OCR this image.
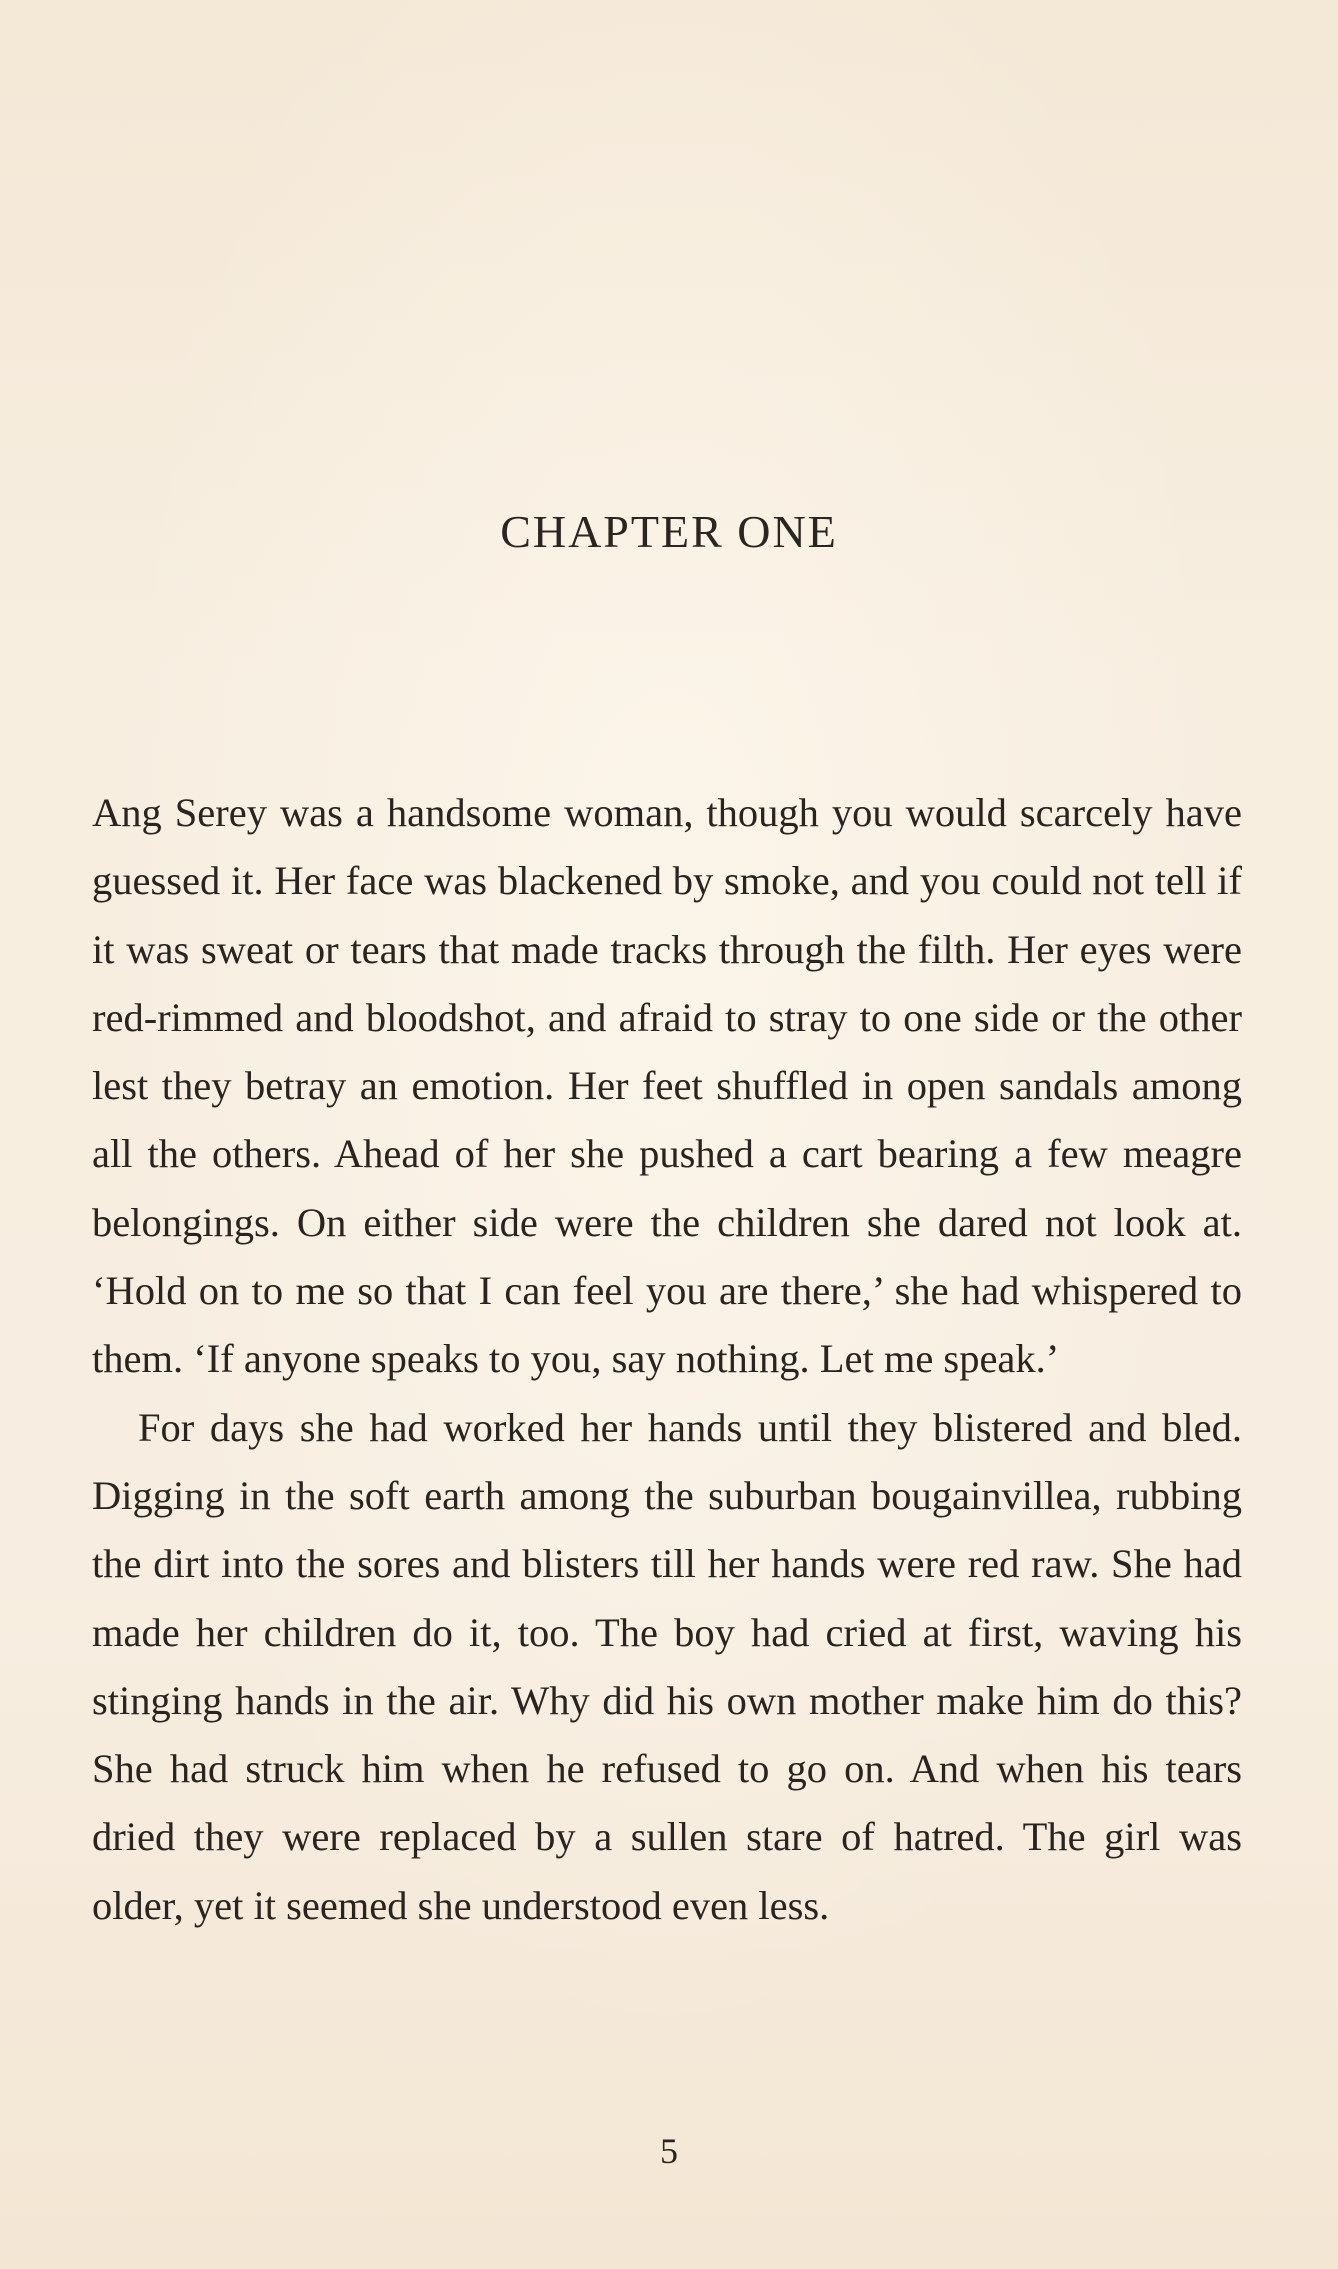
CHAPTER ONE

Ang Serey was a handsome woman, though you would scarcely have guessed it. Her face was blackened by smoke, and you could not tell if it was sweat or tears that made tracks through the filth. Her eyes were red-rimmed and bloodshot, and afraid to stray to one side or the other lest they betray an emotion. Her feet shuffled in open sandals among all the others. Ahead of her she pushed a cart bearing a few meagre belongings. On either side were the children she dared not look at. ‘Hold on to me so that I can feel you are there,’ she had whispered to them. ‘If anyone speaks to you, say nothing. Let me speak.’

For days she had worked her hands until they blistered and bled. Digging in the soft earth among the suburban bougainvillea, rubbing the dirt into the sores and blisters till her hands were red raw. She had made her children do it, too. The boy had cried at first, waving his stinging hands in the air. Why did his own mother make him do this? She had struck him when he refused to go on. And when his tears dried they were replaced by a sullen stare of hatred. The girl was older, yet it seemed she understood even less.

5
